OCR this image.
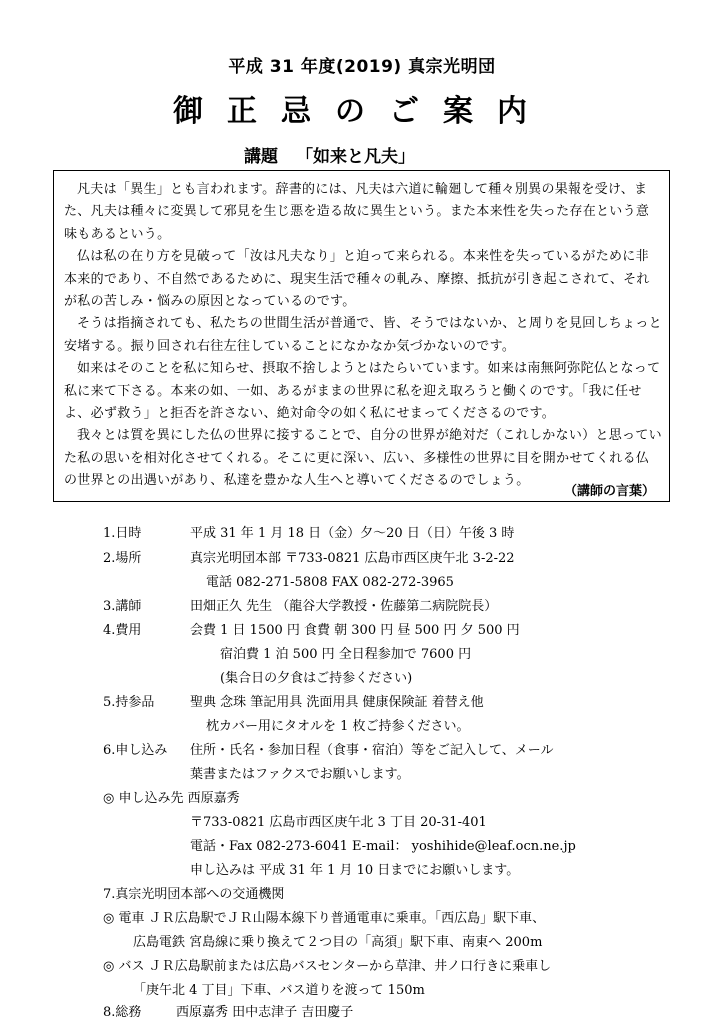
平成 31 年度(2019) 真宗光明団
御正忌のご案内
講題 「如来と凡夫」

凡夫は「異生」とも言われます。辞書的には、凡夫は六道に輪廻して種々別異の果報を受け、また、凡夫は種々に変異して邪見を生じ悪を造る故に異生という。また本来性を失った存在という意味もあるという。

仏は私の在り方を見破って「汝は凡夫なり」と迫って来られる。本来性を失っているがために非本来的であり、不自然であるために、現実生活で種々の軋み、摩擦、抵抗が引き起こされて、それが私の苦しみ・悩みの原因となっているのです。

そうは指摘されても、私たちの世間生活が普通で、皆、そうではないか、と周りを見回しちょっと安堵する。振り回され右往左往していることになかなか気づかないのです。

如来はそのことを私に知らせ、摂取不捨しようとはたらいています。如来は南無阿弥陀仏となって私に来て下さる。本来の如、一如、あるがままの世界に私を迎え取ろうと働くのです。「我に任せよ、必ず救う」と拒否を許さない、絶対命令の如く私にせまってくださるのです。

我々とは質を異にした仏の世界に接することで、自分の世界が絶対だ（これしかない）と思っていた私の思いを相対化させてくれる。そこに更に深い、広い、多様性の世界に目を開かせてくれる仏の世界との出遇いがあり、私達を豊かな人生へと導いてくださるのでしょう。

（講師の言葉）
1.日時	平成 31 年 1 月 18 日（金）夕〜20 日（日）午後 3 時
2.場所	真宗光明団本部 〒733-0821 広島市西区庚午北 3-2-22
電話 082-271-5808 FAX 082-272-3965
3.講師	田畑正久 先生 （龍谷大学教授・佐藤第二病院院長）
4.費用	会費 1 日 1500 円 食費 朝 300 円 昼 500 円 夕 500 円
宿泊費 1 泊 500 円 全日程参加で 7600 円
(集合日の夕食はご持参ください)
5.持参品	聖典 念珠 筆記用具 洗面用具 健康保険証 着替え他
枕カバー用にタオルを 1 枚ご持参ください。
6.申し込み 住所・氏名・参加日程（食事・宿泊）等をご記入して、メール
葉書またはファクスでお願いします。
◎ 申し込み先 西原嘉秀
〒733-0821 広島市西区庚午北 3 丁目 20-31-401
電話・Fax 082-273-6041 E-mail： yoshihide@leaf.ocn.ne.jp
申し込みは 平成 31 年 1 月 10 日までにお願いします。
7.真宗光明団本部への交通機関
◎ 電車 ＪＲ広島駅でＪＲ山陽本線下り普通電車に乗車。「西広島」駅下車、
広島電鉄 宮島線に乗り換えて２つ目の「高須」駅下車、南東へ 200m
◎ バス ＪＲ広島駅前または広島バスセンターから草津、井ノ口行きに乗車し
「庚午北 4 丁目」下車、バス道りを渡って 150m
8.総務	西原嘉秀 田中志津子 吉田慶子
